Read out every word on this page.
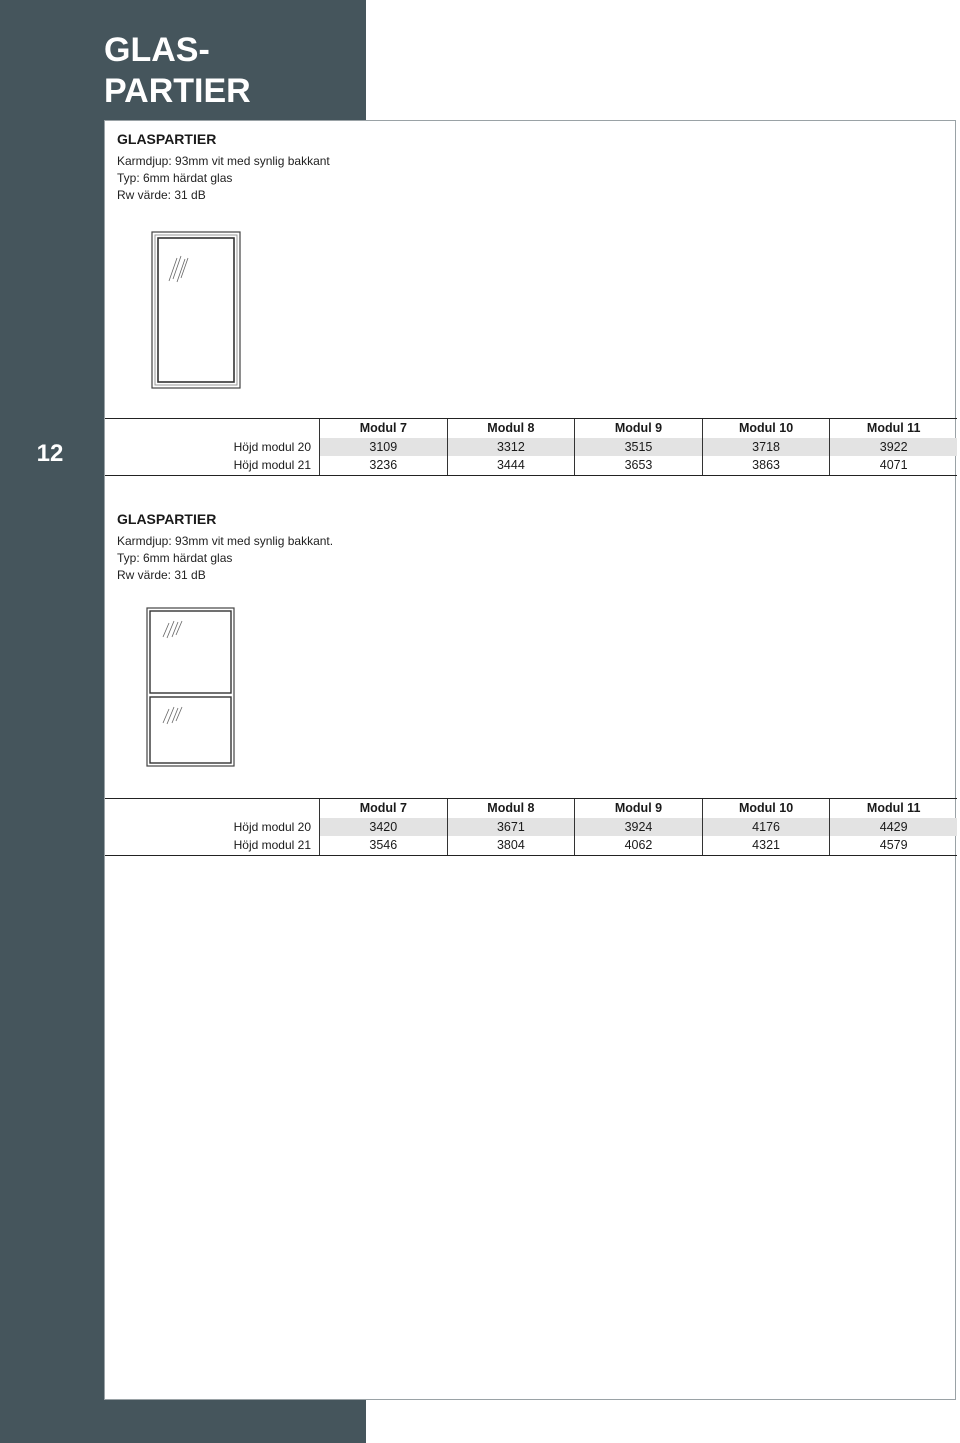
GLAS-
PARTIER
12
GLASPARTIER
Karmdjup: 93mm vit med synlig bakkant
Typ: 6mm härdat glas
Rw värde: 31 dB
Modul 7	Modul 8	Modul 9	Modul 10	Modul 11
Höjd modul 20	3109	3312	3515	3718	3922
Höjd modul 21	3236	3444	3653	3863	4071
GLASPARTIER
Karmdjup: 93mm vit med synlig bakkant.
Typ: 6mm härdat glas
Rw värde: 31 dB
Modul 7	Modul 8	Modul 9	Modul 10	Modul 11
Höjd modul 20	3420	3671	3924	4176	4429
Höjd modul 21	3546	3804	4062	4321	4579
